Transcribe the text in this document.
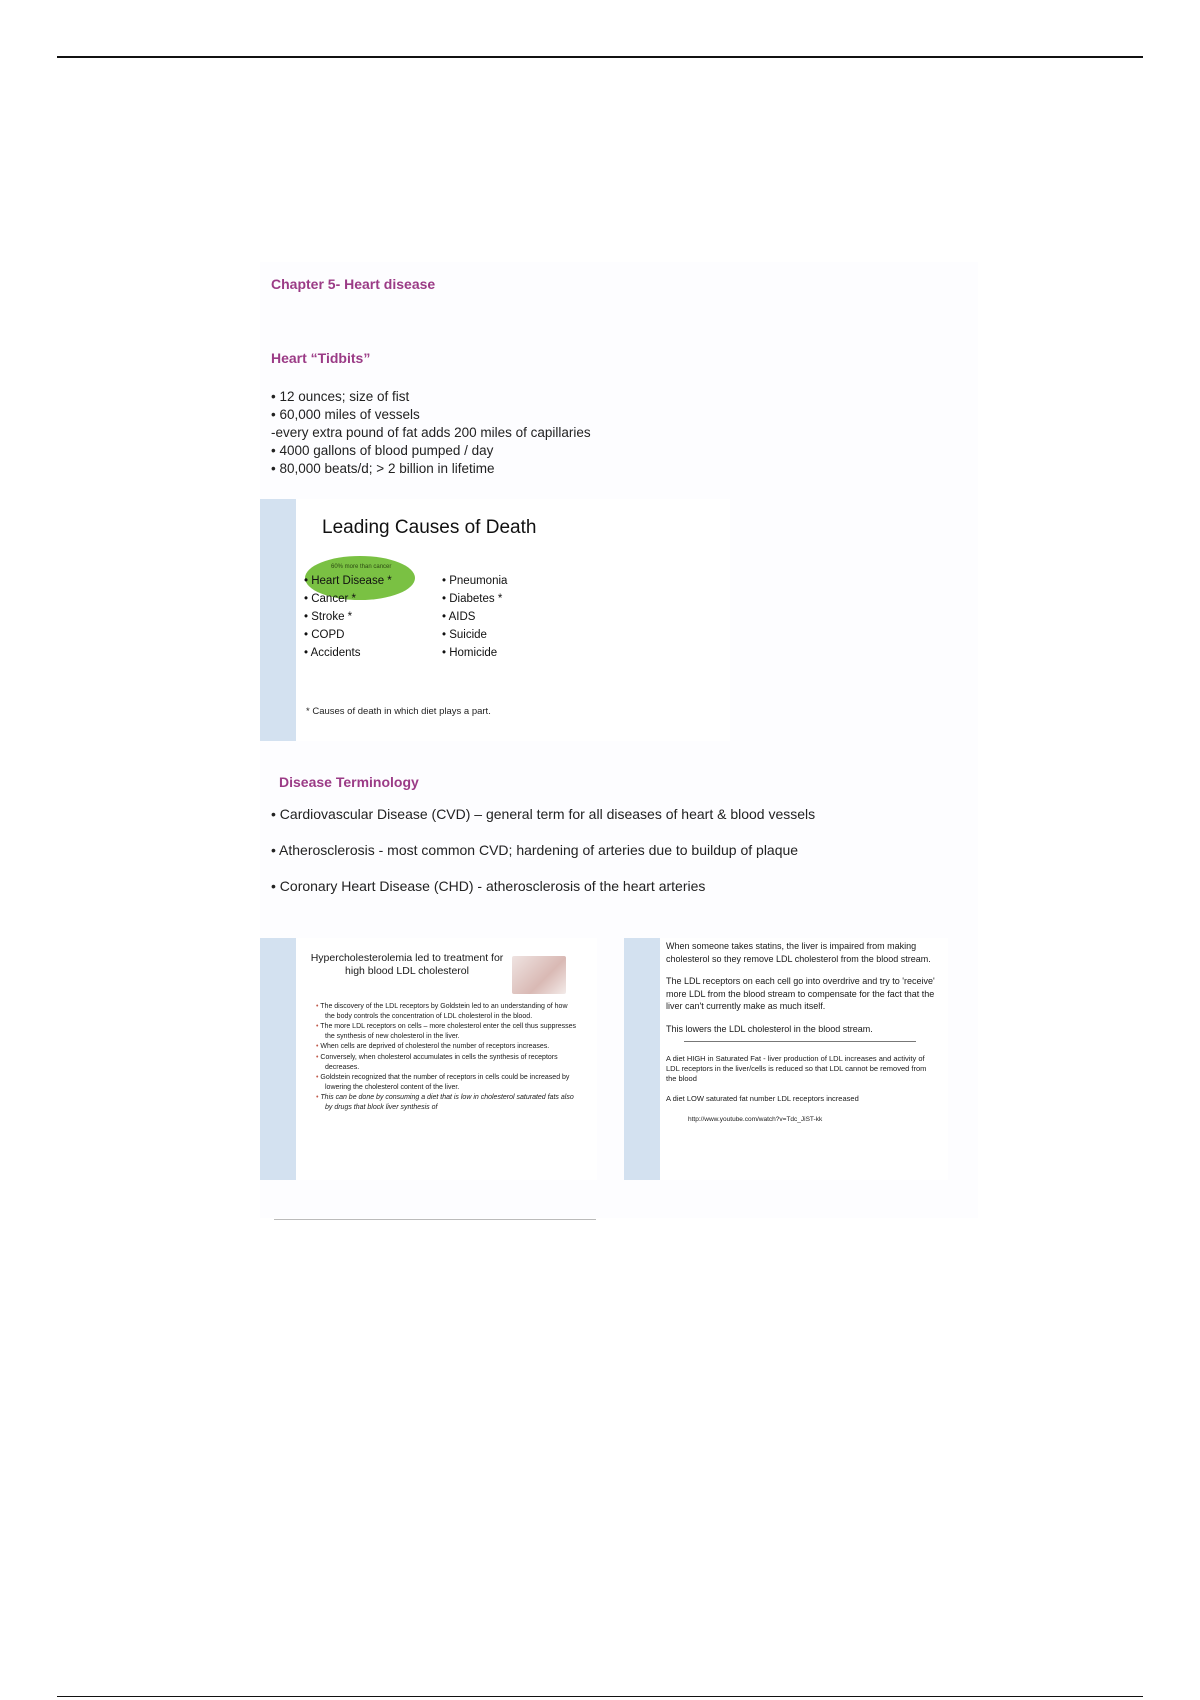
Chapter 5- Heart disease
Heart “Tidbits”
• 12 ounces; size of fist
• 60,000 miles of vessels
-every extra pound of fat adds 200 miles of capillaries
• 4000 gallons of blood pumped / day
• 80,000 beats/d; > 2 billion in lifetime
Leading Causes of Death
60% more than cancer
• Heart Disease *
• Cancer *
• Stroke *
• COPD
• Accidents
• Pneumonia
• Diabetes *
• AIDS
• Suicide
• Homicide
* Causes of death in which diet plays a part.
Disease Terminology
• Cardiovascular Disease (CVD) – general term for all diseases of heart & blood vessels
• Atherosclerosis - most common CVD; hardening of arteries due to buildup of plaque
• Coronary Heart Disease (CHD) - atherosclerosis of the heart arteries
Hypercholesterolemia led to treatment for high blood LDL cholesterol
• The discovery of the LDL receptors by Goldstein led to an understanding of how the body controls the concentration of LDL cholesterol in the blood.
• The more LDL receptors on cells – more cholesterol enter the cell thus suppresses the synthesis of new cholesterol in the liver.
• When cells are deprived of cholesterol the number of receptors increases.
• Conversely, when cholesterol accumulates in cells the synthesis of receptors decreases.
• Goldstein recognized that the number of receptors in cells could be increased by lowering the cholesterol content of the liver.
• This can be done by consuming a diet that is low in cholesterol saturated fats also by drugs that block liver synthesis of

When someone takes statins, the liver is impaired from making cholesterol so they remove LDL cholesterol from the blood stream.

The LDL receptors on each cell go into overdrive and try to 'receive' more LDL from the blood stream to compensate for the fact that the liver can't currently make as much itself.

This lowers the LDL cholesterol in the blood stream.

A diet HIGH in Saturated Fat - liver production of LDL increases and activity of LDL receptors in the liver/cells is reduced so that LDL cannot be removed from the blood

A diet LOW saturated fat number LDL receptors increased

http://www.youtube.com/watch?v=Tdc_JiST-kk
